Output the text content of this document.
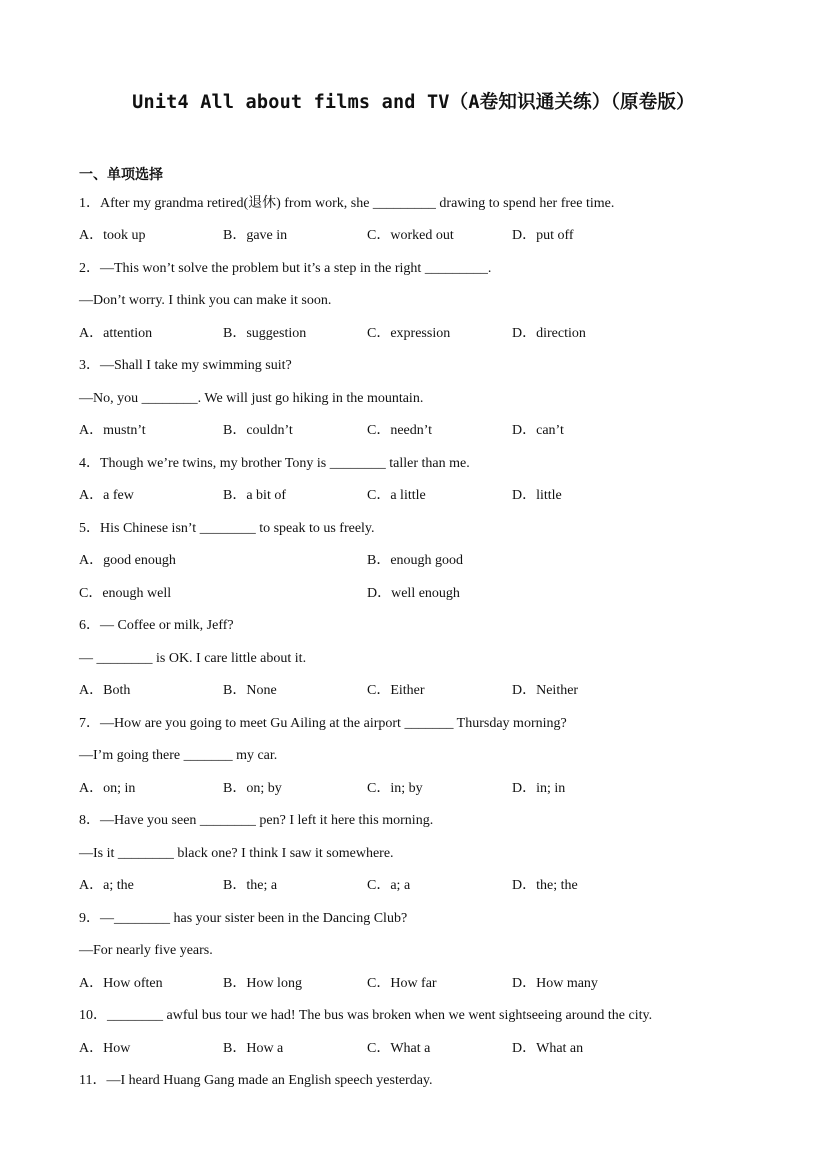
Unit4 All about films and TV（A卷知识通关练）（原卷版）
一、单项选择
1．After my grandma retired(退休) from work, she _________ drawing to spend her free time.
A．took up	B．gave in	C．worked out	D．put off
2．—This won’t solve the problem but it’s a step in the right _________.
—Don’t worry. I think you can make it soon.
A．attention	B．suggestion	C．expression	D．direction
3．—Shall I take my swimming suit?
—No, you ________. We will just go hiking in the mountain.
A．mustn’t	B．couldn’t	C．needn’t	D．can’t
4．Though we’re twins, my brother Tony is ________ taller than me.
A．a few	B．a bit of	C．a little	D．little
5．His Chinese isn’t ________ to speak to us freely.
A．good enough	B．enough good
C．enough well	D．well enough
6．— Coffee or milk, Jeff?
— ________ is OK. I care little about it.
A．Both	B．None	C．Either	D．Neither
7．—How are you going to meet Gu Ailing at the airport _______ Thursday morning?
—I’m going there _______ my car.
A．on; in	B．on; by	C．in; by	D．in; in
8．—Have you seen ________ pen? I left it here this morning.
—Is it ________ black one? I think I saw it somewhere.
A．a; the	B．the; a	C．a; a	D．the; the
9．—________ has your sister been in the Dancing Club?
—For nearly five years.
A．How often	B．How long	C．How far	D．How many
10．________ awful bus tour we had! The bus was broken when we went sightseeing around the city.
A．How	B．How a	C．What a	D．What an
11．—I heard Huang Gang made an English speech yesterday.
